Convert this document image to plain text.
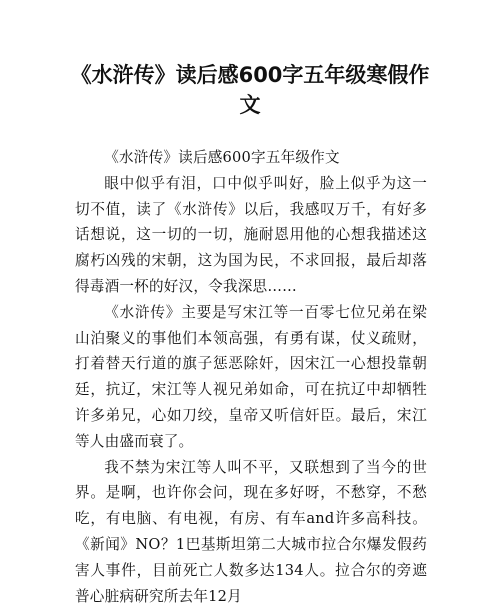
《水浒传》读后感600字五年级寒假作文

《水浒传》读后感600字五年级作文

眼中似乎有泪，口中似乎叫好，脸上似乎为这一切不值，读了《水浒传》以后，我感叹万千，有好多话想说，这一切的一切，施耐恩用他的心想我描述这腐朽凶残的宋朝，这为国为民，不求回报，最后却落得毒酒一杯的好汉，令我深思……

《水浒传》主要是写宋江等一百零七位兄弟在梁山泊聚义的事他们本领高强，有勇有谋，仗义疏财，打着替天行道的旗子惩恶除奸，因宋江一心想投靠朝廷，抗辽，宋江等人视兄弟如命，可在抗辽中却牺牲许多弟兄，心如刀绞，皇帝又听信奸臣。最后，宋江等人由盛而衰了。

我不禁为宋江等人叫不平，又联想到了当今的世界。是啊，也许你会问，现在多好呀，不愁穿，不愁吃，有电脑、有电视，有房、有车and许多高科技。《新闻》NO？1巴基斯坦第二大城市拉合尔爆发假药害人事件，目前死亡人数多达134人。拉合尔的旁遮普心脏病研究所去年12月
